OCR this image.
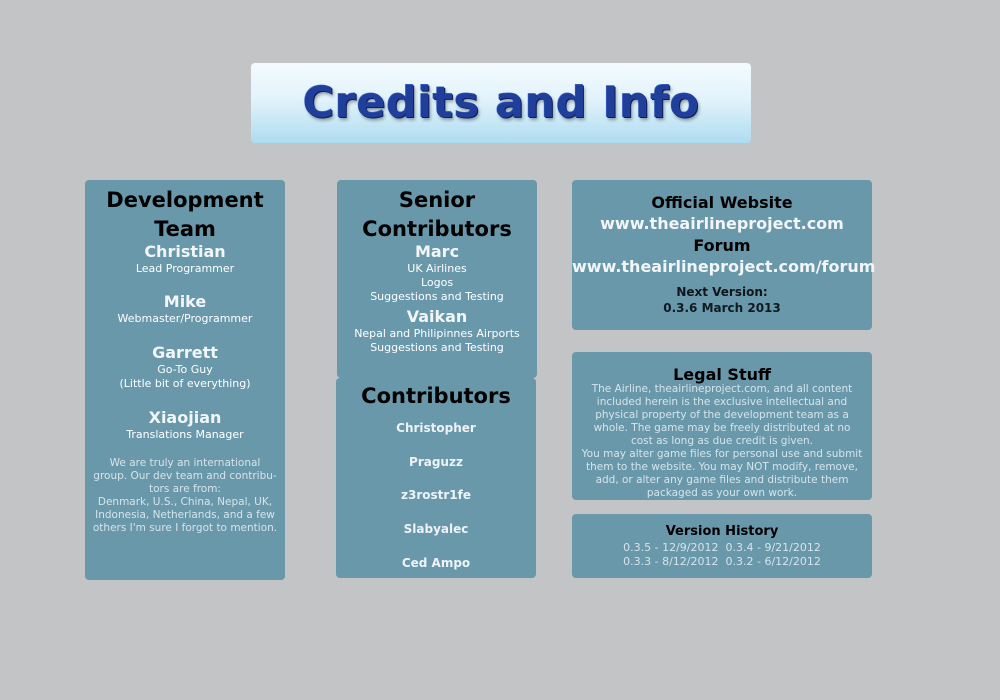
Credits and Info
Development
Team
Christian
Lead Programmer
Mike
Webmaster/Programmer
Garrett
Go-To Guy
(Little bit of everything)
Xiaojian
Translations Manager
We are truly an international
group. Our dev team and contribu-
tors are from:
Denmark, U.S., China, Nepal, UK,
Indonesia, Netherlands, and a few
others I'm sure I forgot to mention.
Senior
Contributors
Marc
UK Airlines
Logos
Suggestions and Testing
Vaikan
Nepal and Philipinnes Airports
Suggestions and Testing
Contributors
Christopher
Praguzz
z3rostr1fe
Slabyalec
Ced Ampo
Official Website
www.theairlineproject.com
Forum
www.theairlineproject.com/forum
Next Version:
0.3.6 March 2013
Legal Stuff
The Airline, theairlineproject.com, and all content
included herein is the exclusive intellectual and
physical property of the development team as a
whole. The game may be freely distributed at no
cost as long as due credit is given.
You may alter game files for personal use and submit
them to the website. You may NOT modify, remove,
add, or alter any game files and distribute them
packaged as your own work.
Version History
0.3.5 - 12/9/2012 0.3.4 - 9/21/2012
0.3.3 - 8/12/2012 0.3.2 - 6/12/2012
